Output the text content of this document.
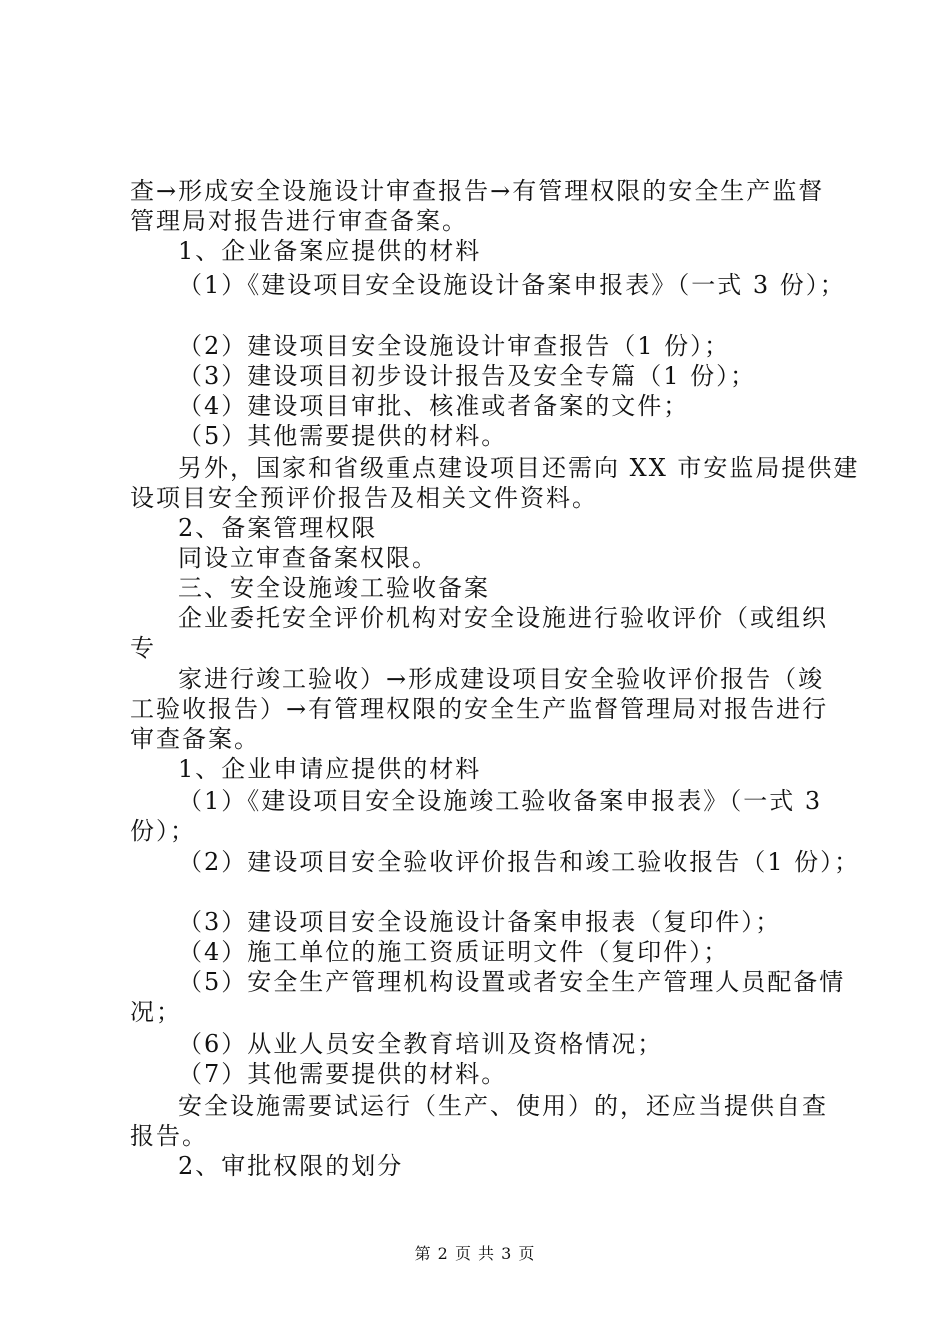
查→形成安全设施设计审查报告→有管理权限的安全生产监督
管理局对报告进行审查备案。
1、企业备案应提供的材料
（1）《建设项目安全设施设计备案申报表》（一式 3 份）；
（2）建设项目安全设施设计审查报告（1 份）；
（3）建设项目初步设计报告及安全专篇（1 份）；
（4）建设项目审批、核准或者备案的文件；
（5）其他需要提供的材料。
另外，国家和省级重点建设项目还需向 XX 市安监局提供建
设项目安全预评价报告及相关文件资料。
2、备案管理权限
同设立审查备案权限。
三、安全设施竣工验收备案
企业委托安全评价机构对安全设施进行验收评价（或组织
专
家进行竣工验收）→形成建设项目安全验收评价报告（竣
工验收报告）→有管理权限的安全生产监督管理局对报告进行
审查备案。
1、企业申请应提供的材料
（1）《建设项目安全设施竣工验收备案申报表》（一式 3
份）；
（2）建设项目安全验收评价报告和竣工验收报告（1 份）；
（3）建设项目安全设施设计备案申报表（复印件）；
（4）施工单位的施工资质证明文件（复印件）；
（5）安全生产管理机构设置或者安全生产管理人员配备情
况；
（6）从业人员安全教育培训及资格情况；
（7）其他需要提供的材料。
安全设施需要试运行（生产、使用）的，还应当提供自查
报告。
2、审批权限的划分
第 2 页 共 3 页
